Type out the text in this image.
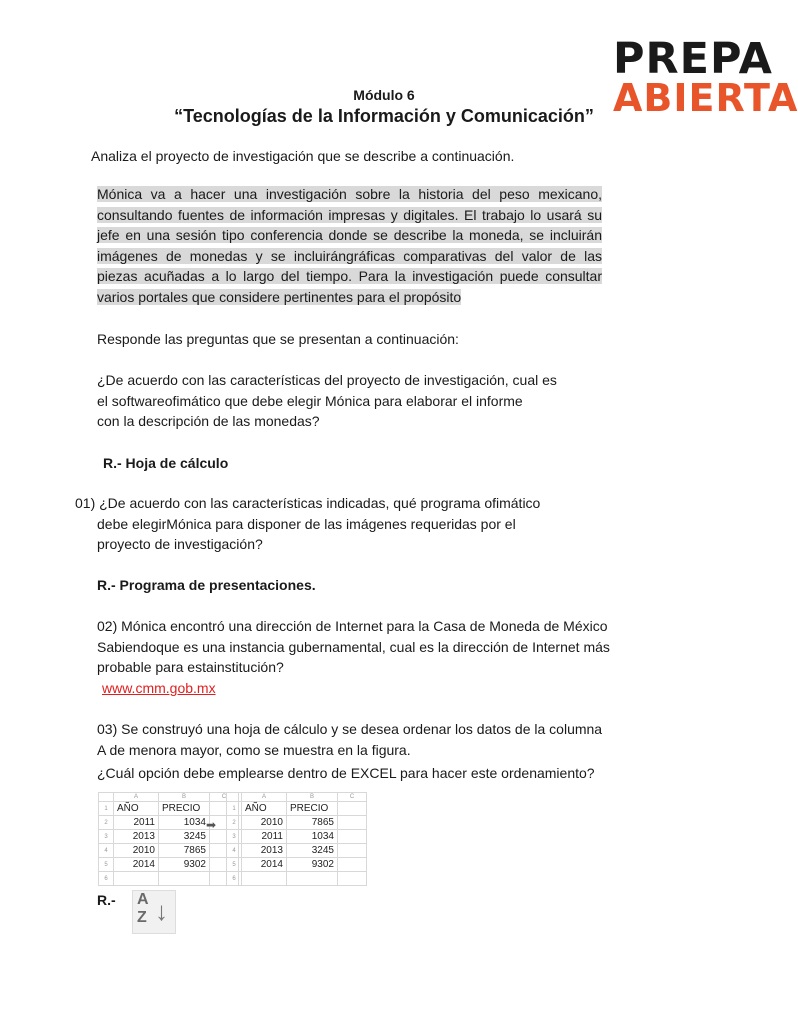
PREPA
ABIERTA
Módulo 6
“Tecnologías de la Información y Comunicación”
Analiza el proyecto de investigación que se describe a continuación.
Mónica va a hacer una investigación sobre la historia del peso mexicano, consultando fuentes de información impresas y digitales. El trabajo lo usará su jefe en una sesión tipo conferencia donde se describe la moneda, se incluirán imágenes de monedas y se incluirángráficas comparativas del valor de las piezas acuñadas a lo largo del tiempo. Para la investigación puede consultar varios portales que considere pertinentes para el propósito
Responde las preguntas que se presentan a continuación:
¿De acuerdo con las características del proyecto de investigación, cual es
el softwareofimático que debe elegir Mónica para elaborar el informe
con la descripción de las monedas?
R.- Hoja de cálculo
01) ¿De acuerdo con las características indicadas, qué programa ofimático
debe elegirMónica para disponer de las imágenes requeridas por el
proyecto de investigación?
R.- Programa de presentaciones.
02) Mónica encontró una dirección de Internet para la Casa de Moneda de México
Sabiendoque es una instancia gubernamental, cual es la dirección de Internet más
probable para estainstitución?
www.cmm.gob.mx
03) Se construyó una hoja de cálculo y se desea ordenar los datos de la columna
A de menora mayor, como se muestra en la figura.
¿Cuál opción debe emplearse dentro de EXCEL para hacer este ordenamiento?
	A	B	C
1	AÑO	PRECIO	
2	2011	1034	
3	2013	3245	
4	2010	7865	
5	2014	9302	
6			
➡
	A	B	C
1	AÑO	PRECIO	
2	2010	7865	
3	2011	1034	
4	2013	3245	
5	2014	9302	
6			
R.- A
Z ↓
